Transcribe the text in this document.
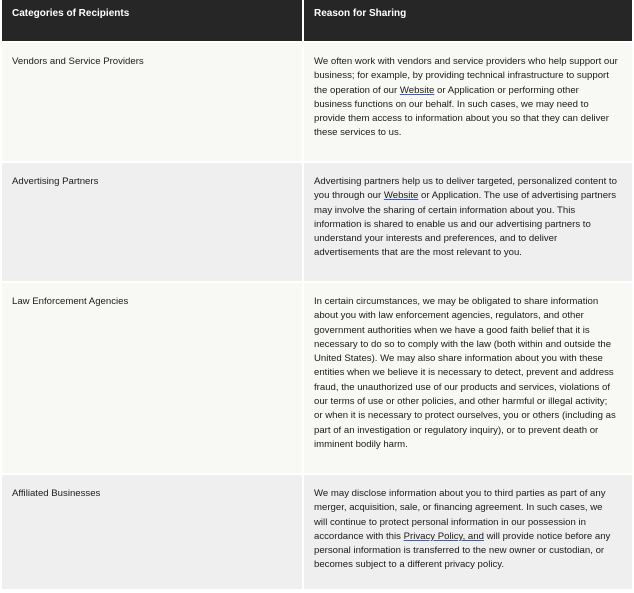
Categories of Recipients	Reason for Sharing
Vendors and Service Providers	We often work with vendors and service providers who help support our business; for example, by providing technical infrastructure to support the operation of our Website or Application or performing other business functions on our behalf. In such cases, we may need to provide them access to information about you so that they can deliver these services to us.
Advertising Partners	Advertising partners help us to deliver targeted, personalized content to you through our Website or Application. The use of advertising partners may involve the sharing of certain information about you. This information is shared to enable us and our advertising partners to understand your interests and preferences, and to deliver advertisements that are the most relevant to you.
Law Enforcement Agencies	In certain circumstances, we may be obligated to share information about you with law enforcement agencies, regulators, and other government authorities when we have a good faith belief that it is necessary to do so to comply with the law (both within and outside the United States). We may also share information about you with these entities when we believe it is necessary to detect, prevent and address fraud, the unauthorized use of our products and services, violations of our terms of use or other policies, and other harmful or illegal activity; or when it is necessary to protect ourselves, you or others (including as part of an investigation or regulatory inquiry), or to prevent death or imminent bodily harm.
Affiliated Businesses	We may disclose information about you to third parties as part of any merger, acquisition, sale, or financing agreement. In such cases, we will continue to protect personal information in our possession in accordance with this Privacy Policy, and will provide notice before any personal information is transferred to the new owner or custodian, or becomes subject to a different privacy policy.
